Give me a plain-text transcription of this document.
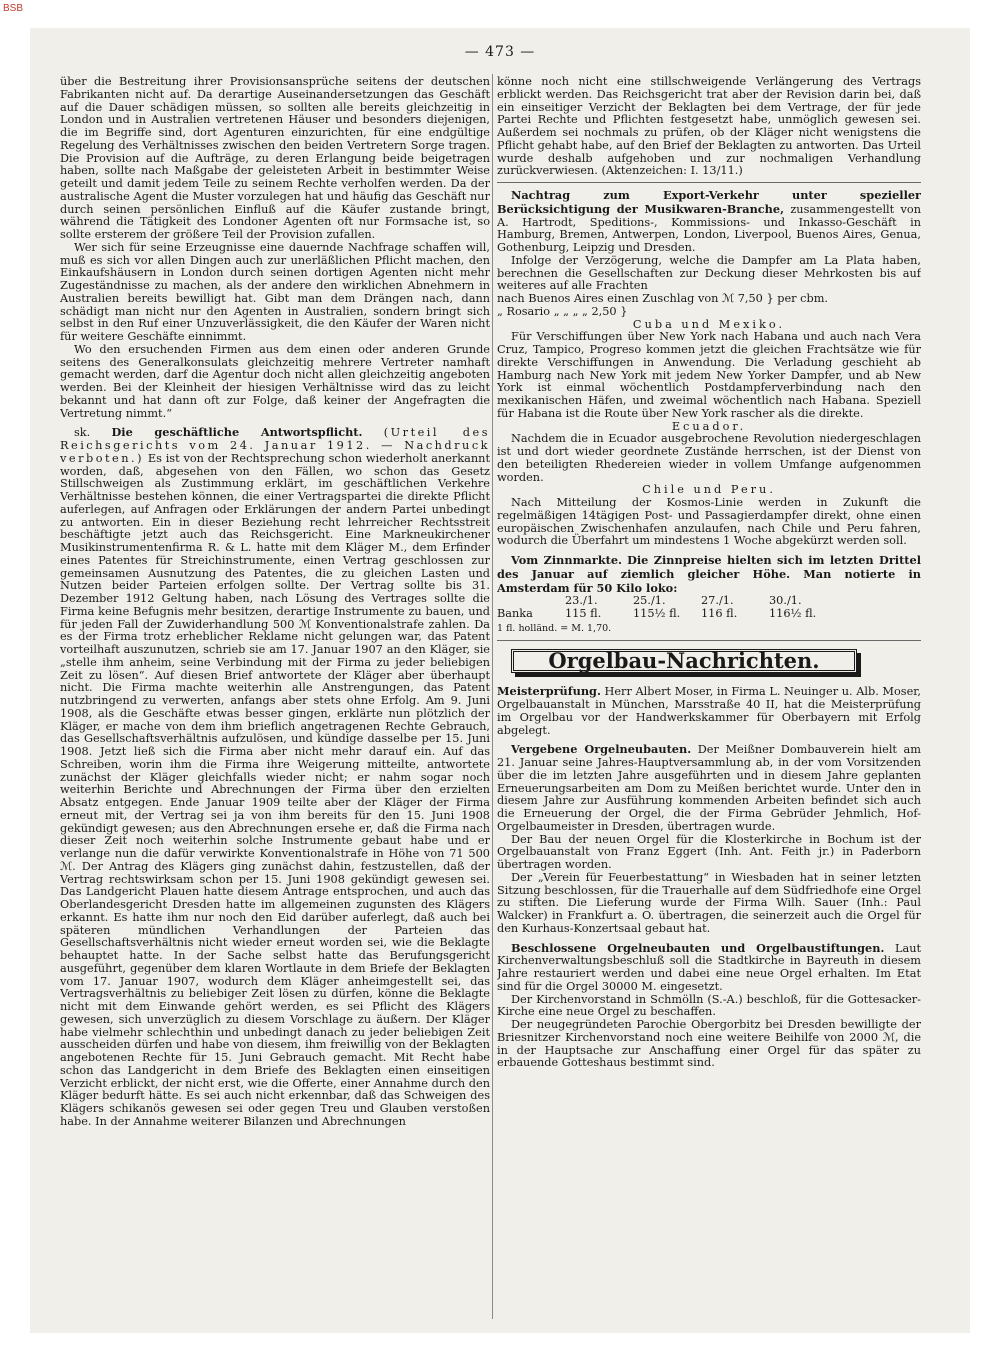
BSB
— 473 —

über die Bestreitung ihrer Provisionsansprüche seitens der deutschen Fabrikanten nicht auf. Da derartige Auseinandersetzungen das Geschäft auf die Dauer schädigen müssen, so sollten alle bereits gleichzeitig in London und in Australien vertretenen Häuser und besonders diejenigen, die im Begriffe sind, dort Agenturen einzurichten, für eine endgültige Regelung des Verhältnisses zwischen den beiden Vertretern Sorge tragen. Die Provision auf die Aufträge, zu deren Erlangung beide beigetragen haben, sollte nach Maßgabe der geleisteten Arbeit in bestimmter Weise geteilt und damit jedem Teile zu seinem Rechte verholfen werden. Da der australische Agent die Muster vorzulegen hat und häufig das Geschäft nur durch seinen persönlichen Einfluß auf die Käufer zustande bringt, während die Tätigkeit des Londoner Agenten oft nur Formsache ist, so sollte ersterem der größere Teil der Provision zufallen.

Wer sich für seine Erzeugnisse eine dauernde Nachfrage schaffen will, muß es sich vor allen Dingen auch zur unerläßlichen Pflicht machen, den Einkaufshäusern in London durch seinen dortigen Agenten nicht mehr Zugeständnisse zu machen, als der andere den wirklichen Abnehmern in Australien bereits bewilligt hat. Gibt man dem Drängen nach, dann schädigt man nicht nur den Agenten in Australien, sondern bringt sich selbst in den Ruf einer Unzuverlässigkeit, die den Käufer der Waren nicht für weitere Geschäfte einnimmt.

Wo den ersuchenden Firmen aus dem einen oder anderen Grunde seitens des Generalkonsulats gleichzeitig mehrere Vertreter namhaft gemacht werden, darf die Agentur doch nicht allen gleichzeitig angeboten werden. Bei der Kleinheit der hiesigen Verhältnisse wird das zu leicht bekannt und hat dann oft zur Folge, daß keiner der Angefragten die Vertretung nimmt.“

sk. Die geschäftliche Antwortspflicht. (Urteil des Reichsgerichts vom 24. Januar 1912. — Nachdruck verboten.) Es ist von der Rechtsprechung schon wiederholt anerkannt worden, daß, abgesehen von den Fällen, wo schon das Gesetz Stillschweigen als Zustimmung erklärt, im geschäftlichen Verkehre Verhältnisse bestehen können, die einer Vertragspartei die direkte Pflicht auferlegen, auf Anfragen oder Erklärungen der andern Partei unbedingt zu antworten. Ein in dieser Beziehung recht lehrreicher Rechtsstreit beschäftigte jetzt auch das Reichsgericht. Eine Markneukirchener Musikinstrumentenfirma R. & L. hatte mit dem Kläger M., dem Erfinder eines Patentes für Streichinstrumente, einen Vertrag geschlossen zur gemeinsamen Ausnutzung des Patentes, die zu gleichen Lasten und Nutzen beider Parteien erfolgen sollte. Der Vertrag sollte bis 31. Dezember 1912 Geltung haben, nach Lösung des Vertrages sollte die Firma keine Befugnis mehr besitzen, derartige Instrumente zu bauen, und für jeden Fall der Zuwiderhandlung 500 ℳ Konventionalstrafe zahlen. Da es der Firma trotz erheblicher Reklame nicht gelungen war, das Patent vorteilhaft auszunutzen, schrieb sie am 17. Januar 1907 an den Kläger, sie „stelle ihm anheim, seine Verbindung mit der Firma zu jeder beliebigen Zeit zu lösen“. Auf diesen Brief antwortete der Kläger aber überhaupt nicht. Die Firma machte weiterhin alle Anstrengungen, das Patent nutzbringend zu verwerten, anfangs aber stets ohne Erfolg. Am 9. Juni 1908, als die Geschäfte etwas besser gingen, erklärte nun plötzlich der Kläger, er mache von dem ihm brieflich angetragenen Rechte Gebrauch, das Gesellschaftsverhältnis aufzulösen, und kündige dasselbe per 15. Juni 1908. Jetzt ließ sich die Firma aber nicht mehr darauf ein. Auf das Schreiben, worin ihm die Firma ihre Weigerung mitteilte, antwortete zunächst der Kläger gleichfalls wieder nicht; er nahm sogar noch weiterhin Berichte und Abrechnungen der Firma über den erzielten Absatz entgegen. Ende Januar 1909 teilte aber der Kläger der Firma erneut mit, der Vertrag sei ja von ihm bereits für den 15. Juni 1908 gekündigt gewesen; aus den Abrechnungen ersehe er, daß die Firma nach dieser Zeit noch weiterhin solche Instrumente gebaut habe und er verlange nun die dafür verwirkte Konventionalstrafe in Höhe von 71 500 ℳ. Der Antrag des Klägers ging zunächst dahin, festzustellen, daß der Vertrag rechtswirksam schon per 15. Juni 1908 gekündigt gewesen sei. Das Landgericht Plauen hatte diesem Antrage entsprochen, und auch das Oberlandesgericht Dresden hatte im allgemeinen zugunsten des Klägers erkannt. Es hatte ihm nur noch den Eid darüber auferlegt, daß auch bei späteren mündlichen Verhandlungen der Parteien das Gesellschaftsverhältnis nicht wieder erneut worden sei, wie die Beklagte behauptet hatte. In der Sache selbst hatte das Berufungsgericht ausgeführt, gegenüber dem klaren Wortlaute in dem Briefe der Beklagten vom 17. Januar 1907, wodurch dem Kläger anheimgestellt sei, das Vertragsverhältnis zu beliebiger Zeit lösen zu dürfen, könne die Beklagte nicht mit dem Einwande gehört werden, es sei Pflicht des Klägers gewesen, sich unverzüglich zu diesem Vorschlage zu äußern. Der Kläger habe vielmehr schlechthin und unbedingt danach zu jeder beliebigen Zeit ausscheiden dürfen und habe von diesem, ihm freiwillig von der Beklagten angebotenen Rechte für 15. Juni Gebrauch gemacht. Mit Recht habe schon das Landgericht in dem Briefe des Beklagten einen einseitigen Verzicht erblickt, der nicht erst, wie die Offerte, einer Annahme durch den Kläger bedurft hätte. Es sei auch nicht erkennbar, daß das Schweigen des Klägers schikanös gewesen sei oder gegen Treu und Glauben verstoßen habe. In der Annahme weiterer Bilanzen und Abrechnungen

könne noch nicht eine stillschweigende Verlängerung des Vertrags erblickt werden. Das Reichsgericht trat aber der Revision darin bei, daß ein einseitiger Verzicht der Beklagten bei dem Vertrage, der für jede Partei Rechte und Pflichten festgesetzt habe, unmöglich gewesen sei. Außerdem sei nochmals zu prüfen, ob der Kläger nicht wenigstens die Pflicht gehabt habe, auf den Brief der Beklagten zu antworten. Das Urteil wurde deshalb aufgehoben und zur nochmaligen Verhandlung zurückverwiesen. (Aktenzeichen: I. 13/11.)

Nachtrag zum Export-Verkehr unter spezieller Berücksichtigung der Musikwaren-Branche, zusammengestellt von A. Hartrodt, Speditions-, Kommissions- und Inkasso-Geschäft in Hamburg, Bremen, Antwerpen, London, Liverpool, Buenos Aires, Genua, Gothenburg, Leipzig und Dresden.

Infolge der Verzögerung, welche die Dampfer am La Plata haben, berechnen die Gesellschaften zur Deckung dieser Mehrkosten bis auf weiteres auf alle Frachten

nach Buenos Aires einen Zuschlag von ℳ 7,50 } per cbm.

„ Rosario „ „ „ „ 2,50 }

Cuba und Mexiko.

Für Verschiffungen über New York nach Habana und auch nach Vera Cruz, Tampico, Progreso kommen jetzt die gleichen Frachtsätze wie für direkte Verschiffungen in Anwendung. Die Verladung geschieht ab Hamburg nach New York mit jedem New Yorker Dampfer, und ab New York ist einmal wöchentlich Postdampferverbindung nach den mexikanischen Häfen, und zweimal wöchentlich nach Habana. Speziell für Habana ist die Route über New York rascher als die direkte.

Ecuador.

Nachdem die in Ecuador ausgebrochene Revolution niedergeschlagen ist und dort wieder geordnete Zustände herrschen, ist der Dienst von den beteiligten Rhedereien wieder in vollem Umfange aufgenommen worden.

Chile und Peru.

Nach Mitteilung der Kosmos-Linie werden in Zukunft die regelmäßigen 14tägigen Post- und Passagierdampfer direkt, ohne einen europäischen Zwischenhafen anzulaufen, nach Chile und Peru fahren, wodurch die Überfahrt um mindestens 1 Woche abgekürzt werden soll.

Vom Zinnmarkte. Die Zinnpreise hielten sich im letzten Drittel des Januar auf ziemlich gleicher Höhe. Man notierte in Amsterdam für 50 Kilo loko:

	23./1.	25./1.	27./1.	30./1.
Banka	115 fl.	115½ fl.	116 fl.	116½ fl.

1 fl. holländ. = M. 1,70.

Orgelbau-Nachrichten.

Meisterprüfung. Herr Albert Moser, in Firma L. Neuinger u. Alb. Moser, Orgelbauanstalt in München, Marsstraße 40 II, hat die Meisterprüfung im Orgelbau vor der Handwerkskammer für Oberbayern mit Erfolg abgelegt.

Vergebene Orgelneubauten. Der Meißner Dombauverein hielt am 21. Januar seine Jahres-Hauptversammlung ab, in der vom Vorsitzenden über die im letzten Jahre ausgeführten und in diesem Jahre geplanten Erneuerungsarbeiten am Dom zu Meißen berichtet wurde. Unter den in diesem Jahre zur Ausführung kommenden Arbeiten befindet sich auch die Erneuerung der Orgel, die der Firma Gebrüder Jehmlich, Hof-Orgelbaumeister in Dresden, übertragen wurde.

Der Bau der neuen Orgel für die Klosterkirche in Bochum ist der Orgelbauanstalt von Franz Eggert (Inh. Ant. Feith jr.) in Paderborn übertragen worden.

Der „Verein für Feuerbestattung“ in Wiesbaden hat in seiner letzten Sitzung beschlossen, für die Trauerhalle auf dem Südfriedhofe eine Orgel zu stiften. Die Lieferung wurde der Firma Wilh. Sauer (Inh.: Paul Walcker) in Frankfurt a. O. übertragen, die seinerzeit auch die Orgel für den Kurhaus-Konzertsaal gebaut hat.

Beschlossene Orgelneubauten und Orgelbaustiftungen. Laut Kirchenverwaltungsbeschluß soll die Stadtkirche in Bayreuth in diesem Jahre restauriert werden und dabei eine neue Orgel erhalten. Im Etat sind für die Orgel 30000 M. eingesetzt.

Der Kirchenvorstand in Schmölln (S.-A.) beschloß, für die Gottesacker-Kirche eine neue Orgel zu beschaffen.

Der neugegründeten Parochie Obergorbitz bei Dresden bewilligte der Briesnitzer Kirchenvorstand noch eine weitere Beihilfe von 2000 ℳ, die in der Hauptsache zur Anschaffung einer Orgel für das später zu erbauende Gotteshaus bestimmt sind.
